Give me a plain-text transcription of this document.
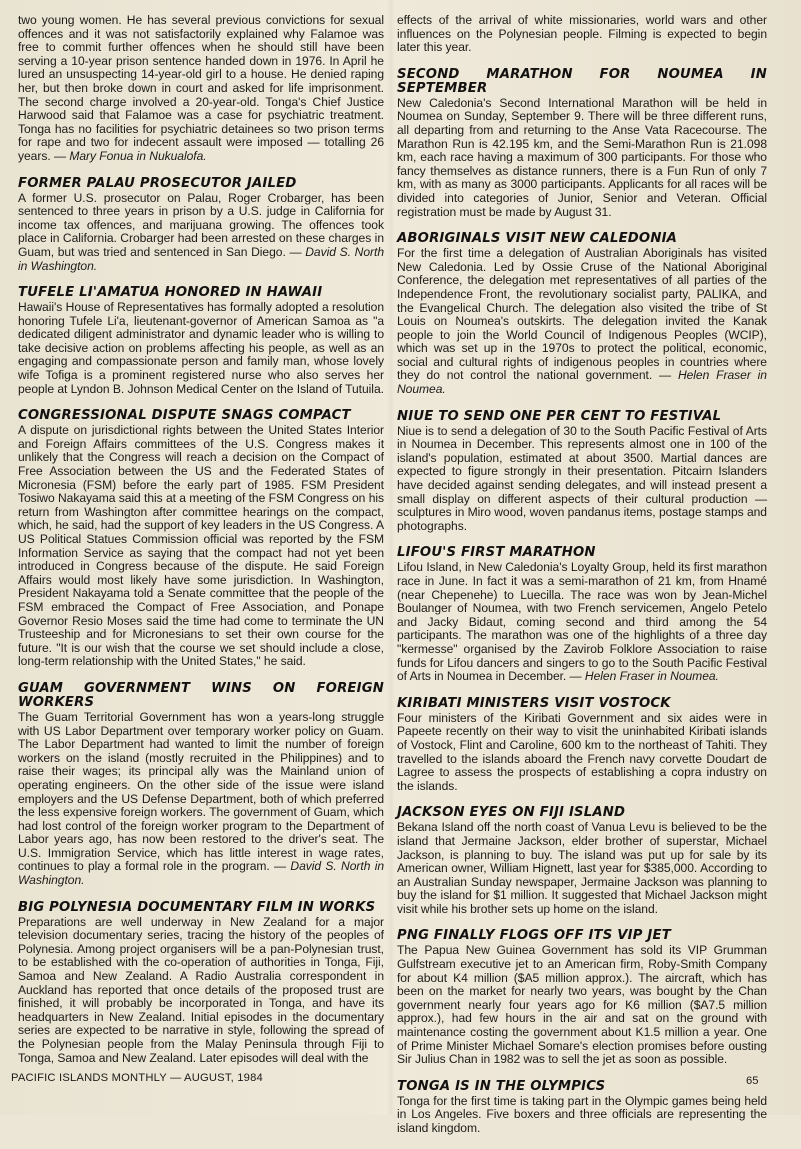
two young women. He has several previous convictions for sexual offences and it was not satisfactorily explained why Falamoe was free to commit further offences when he should still have been serving a 10-year prison sentence handed down in 1976. In April he lured an unsuspecting 14-year-old girl to a house. He denied raping her, but then broke down in court and asked for life imprisonment. The second charge involved a 20-year-old. Tonga's Chief Justice Harwood said that Falamoe was a case for psychiatric treatment. Tonga has no facilities for psychiatric detainees so two prison terms for rape and two for indecent assault were imposed — totalling 26 years. — Mary Fonua in Nukualofa.

FORMER PALAU PROSECUTOR JAILED

A former U.S. prosecutor on Palau, Roger Crobarger, has been sentenced to three years in prison by a U.S. judge in California for income tax offences, and marijuana growing. The offences took place in California. Crobarger had been arrested on these charges in Guam, but was tried and sentenced in San Diego. — David S. North in Washington.

TUFELE LI'AMATUA HONORED IN HAWAII

Hawaii's House of Representatives has formally adopted a resolution honoring Tufele Li'a, lieutenant-governor of American Samoa as "a dedicated diligent administrator and dynamic leader who is willing to take decisive action on problems affecting his people, as well as an engaging and compassionate person and family man, whose lovely wife Tofiga is a prominent registered nurse who also serves her people at Lyndon B. Johnson Medical Center on the Island of Tutuila.

CONGRESSIONAL DISPUTE SNAGS COMPACT

A dispute on jurisdictional rights between the United States Interior and Foreign Affairs committees of the U.S. Congress makes it unlikely that the Congress will reach a decision on the Compact of Free Association between the US and the Federated States of Micronesia (FSM) before the early part of 1985. FSM President Tosiwo Nakayama said this at a meeting of the FSM Congress on his return from Washington after committee hearings on the compact, which, he said, had the support of key leaders in the US Congress. A US Political Statues Commission official was reported by the FSM Information Service as saying that the compact had not yet been introduced in Congress because of the dispute. He said Foreign Affairs would most likely have some jurisdiction. In Washington, President Nakayama told a Senate committee that the people of the FSM embraced the Compact of Free Association, and Ponape Governor Resio Moses said the time had come to terminate the UN Trusteeship and for Micronesians to set their own course for the future. "It is our wish that the course we set should include a close, long-term relationship with the United States," he said.

GUAM GOVERNMENT WINS ON FOREIGN WORKERS

The Guam Territorial Government has won a years-long struggle with US Labor Department over temporary worker policy on Guam. The Labor Department had wanted to limit the number of foreign workers on the island (mostly recruited in the Philippines) and to raise their wages; its principal ally was the Mainland union of operating engineers. On the other side of the issue were island employers and the US Defense Department, both of which preferred the less expensive foreign workers. The government of Guam, which had lost control of the foreign worker program to the Department of Labor years ago, has now been restored to the driver's seat. The U.S. Immigration Service, which has little interest in wage rates, continues to play a formal role in the program. — David S. North in Washington.

BIG POLYNESIA DOCUMENTARY FILM IN WORKS

Preparations are well underway in New Zealand for a major television documentary series, tracing the history of the peoples of Polynesia. Among project organisers will be a pan-Polynesian trust, to be established with the co-operation of authorities in Tonga, Fiji, Samoa and New Zealand. A Radio Australia correspondent in Auckland has reported that once details of the proposed trust are finished, it will probably be incorporated in Tonga, and have its headquarters in New Zealand. Initial episodes in the documentary series are expected to be narrative in style, following the spread of the Polynesian people from the Malay Peninsula through Fiji to Tonga, Samoa and New Zealand. Later episodes will deal with the

effects of the arrival of white missionaries, world wars and other influences on the Polynesian people. Filming is expected to begin later this year.

SECOND MARATHON FOR NOUMEA IN SEPTEMBER

New Caledonia's Second International Marathon will be held in Noumea on Sunday, September 9. There will be three different runs, all departing from and returning to the Anse Vata Racecourse. The Marathon Run is 42.195 km, and the Semi-Marathon Run is 21.098 km, each race having a maximum of 300 participants. For those who fancy themselves as distance runners, there is a Fun Run of only 7 km, with as many as 3000 participants. Applicants for all races will be divided into categories of Junior, Senior and Veteran. Official registration must be made by August 31.

ABORIGINALS VISIT NEW CALEDONIA

For the first time a delegation of Australian Aboriginals has visited New Caledonia. Led by Ossie Cruse of the National Aboriginal Conference, the delegation met representatives of all parties of the Independence Front, the revolutionary socialist party, PALIKA, and the Evangelical Church. The delegation also visited the tribe of St Louis on Noumea's outskirts. The delegation invited the Kanak people to join the World Council of Indigenous Peoples (WCIP), which was set up in the 1970s to protect the political, economic, social and cultural rights of indigenous peoples in countries where they do not control the national government. — Helen Fraser in Noumea.

NIUE TO SEND ONE PER CENT TO FESTIVAL

Niue is to send a delegation of 30 to the South Pacific Festival of Arts in Noumea in December. This represents almost one in 100 of the island's population, estimated at about 3500. Martial dances are expected to figure strongly in their presentation. Pitcairn Islanders have decided against sending delegates, and will instead present a small display on different aspects of their cultural production — sculptures in Miro wood, woven pandanus items, postage stamps and photographs.

LIFOU'S FIRST MARATHON

Lifou Island, in New Caledonia's Loyalty Group, held its first marathon race in June. In fact it was a semi-marathon of 21 km, from Hnamé (near Chepenehe) to Luecilla. The race was won by Jean-Michel Boulanger of Noumea, with two French servicemen, Angelo Petelo and Jacky Bidaut, coming second and third among the 54 participants. The marathon was one of the highlights of a three day "kermesse" organised by the Zavirob Folklore Association to raise funds for Lifou dancers and singers to go to the South Pacific Festival of Arts in Noumea in December. — Helen Fraser in Noumea.

KIRIBATI MINISTERS VISIT VOSTOCK

Four ministers of the Kiribati Government and six aides were in Papeete recently on their way to visit the uninhabited Kiribati islands of Vostock, Flint and Caroline, 600 km to the northeast of Tahiti. They travelled to the islands aboard the French navy corvette Doudart de Lagree to assess the prospects of establishing a copra industry on the islands.

JACKSON EYES ON FIJI ISLAND

Bekana Island off the north coast of Vanua Levu is believed to be the island that Jermaine Jackson, elder brother of superstar, Michael Jackson, is planning to buy. The island was put up for sale by its American owner, William Hignett, last year for $385,000. According to an Australian Sunday newspaper, Jermaine Jackson was planning to buy the island for $1 million. It suggested that Michael Jackson might visit while his brother sets up home on the island.

PNG FINALLY FLOGS OFF ITS VIP JET

The Papua New Guinea Government has sold its VIP Grumman Gulfstream executive jet to an American firm, Roby-Smith Company for about K4 million ($A5 million approx.). The aircraft, which has been on the market for nearly two years, was bought by the Chan government nearly four years ago for K6 million ($A7.5 million approx.), had few hours in the air and sat on the ground with maintenance costing the government about K1.5 million a year. One of Prime Minister Michael Somare's election promises before ousting Sir Julius Chan in 1982 was to sell the jet as soon as possible.

TONGA IS IN THE OLYMPICS

Tonga for the first time is taking part in the Olympic games being held in Los Angeles. Five boxers and three officials are representing the island kingdom.

PACIFIC ISLANDS MONTHLY — AUGUST, 1984	65
